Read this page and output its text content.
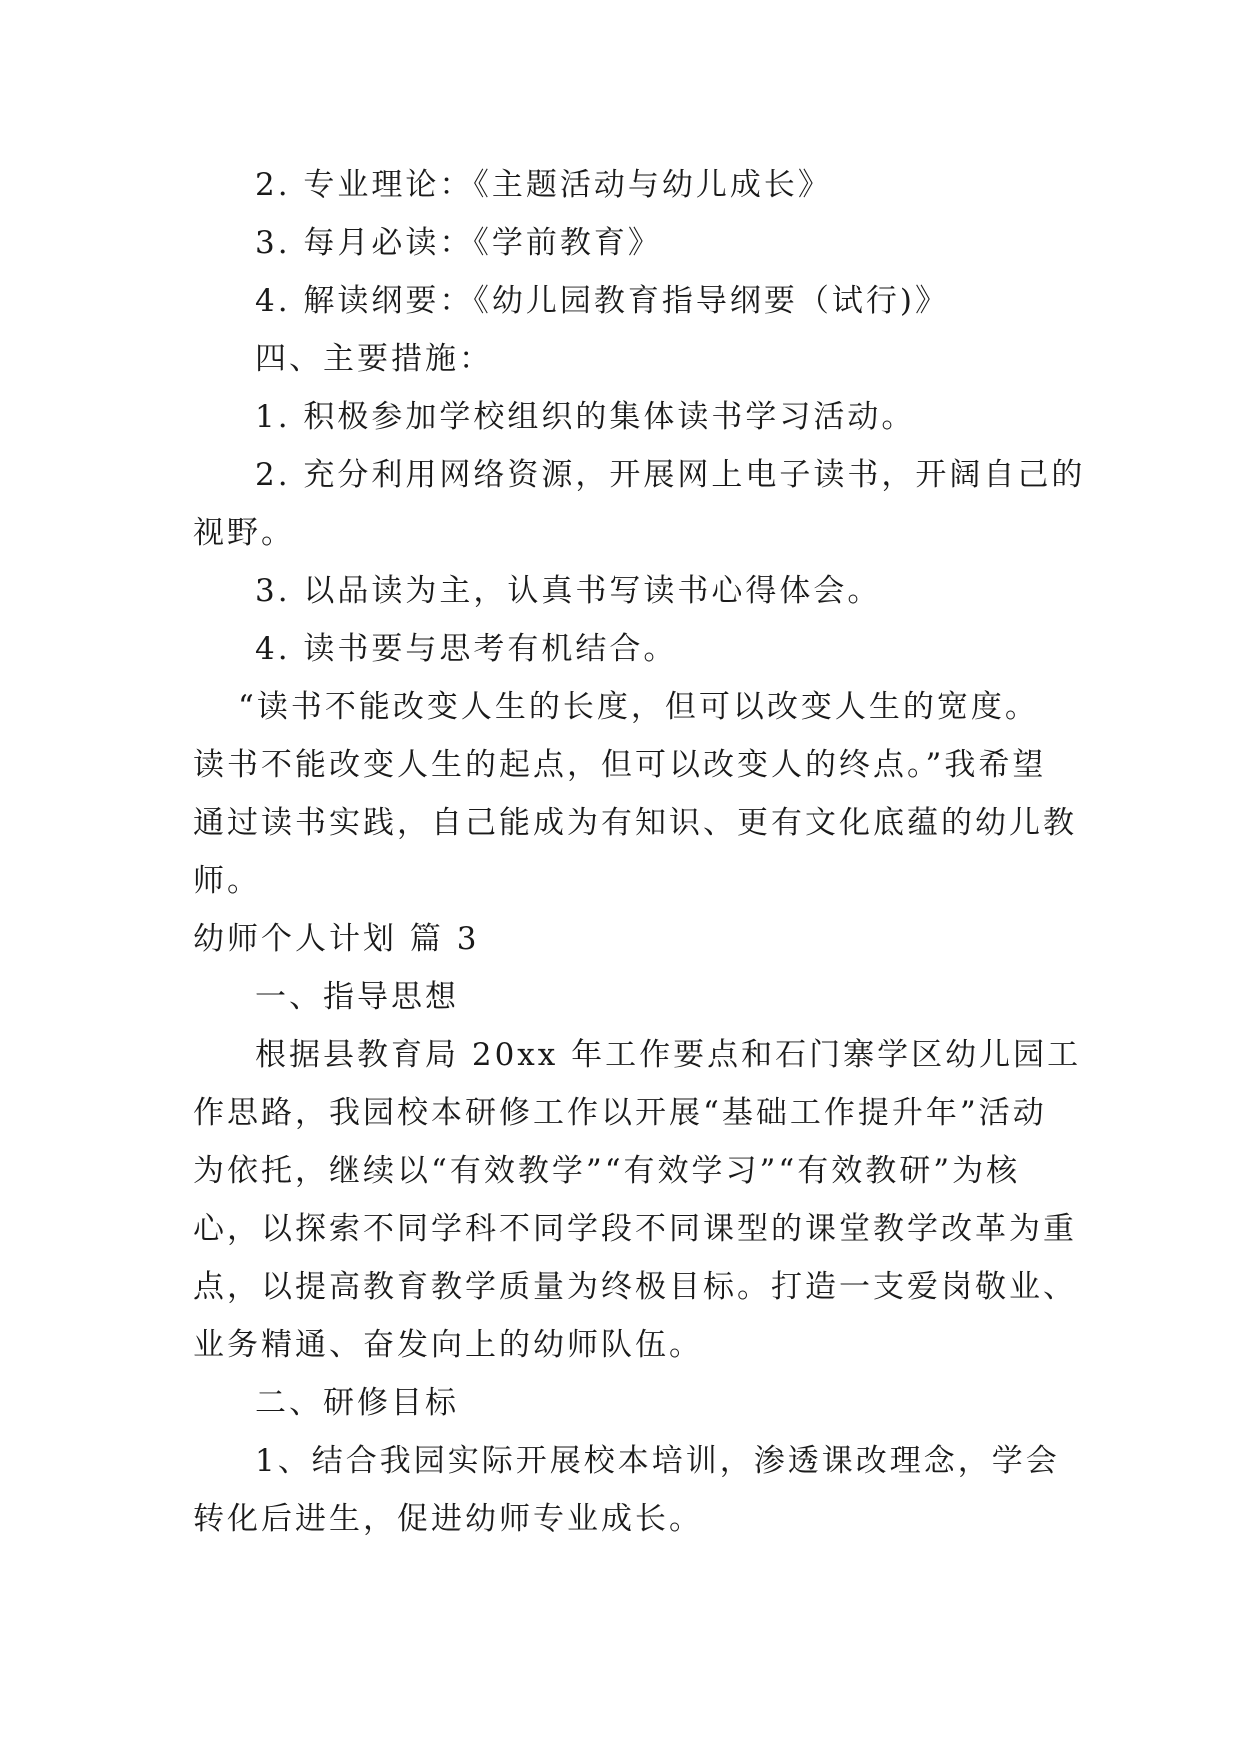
2. 专业理论：《主题活动与幼儿成长》
3. 每月必读：《学前教育》
4. 解读纲要：《幼儿园教育指导纲要（试行)》
四、主要措施：
1. 积极参加学校组织的集体读书学习活动。
2. 充分利用网络资源，开展网上电子读书，开阔自己的
视野。
3. 以品读为主，认真书写读书心得体会。
4. 读书要与思考有机结合。
“读书不能改变人生的长度，但可以改变人生的宽度。
读书不能改变人生的起点，但可以改变人的终点。”我希望
通过读书实践，自己能成为有知识、更有文化底蕴的幼儿教
师。
幼师个人计划 篇 3
一、指导思想
根据县教育局 20xx 年工作要点和石门寨学区幼儿园工
作思路，我园校本研修工作以开展“基础工作提升年”活动
为依托，继续以“有效教学”“有效学习”“有效教研”为核
心，以探索不同学科不同学段不同课型的课堂教学改革为重
点，以提高教育教学质量为终极目标。打造一支爱岗敬业、
业务精通、奋发向上的幼师队伍。
二、研修目标
1、结合我园实际开展校本培训，渗透课改理念，学会
转化后进生，促进幼师专业成长。
